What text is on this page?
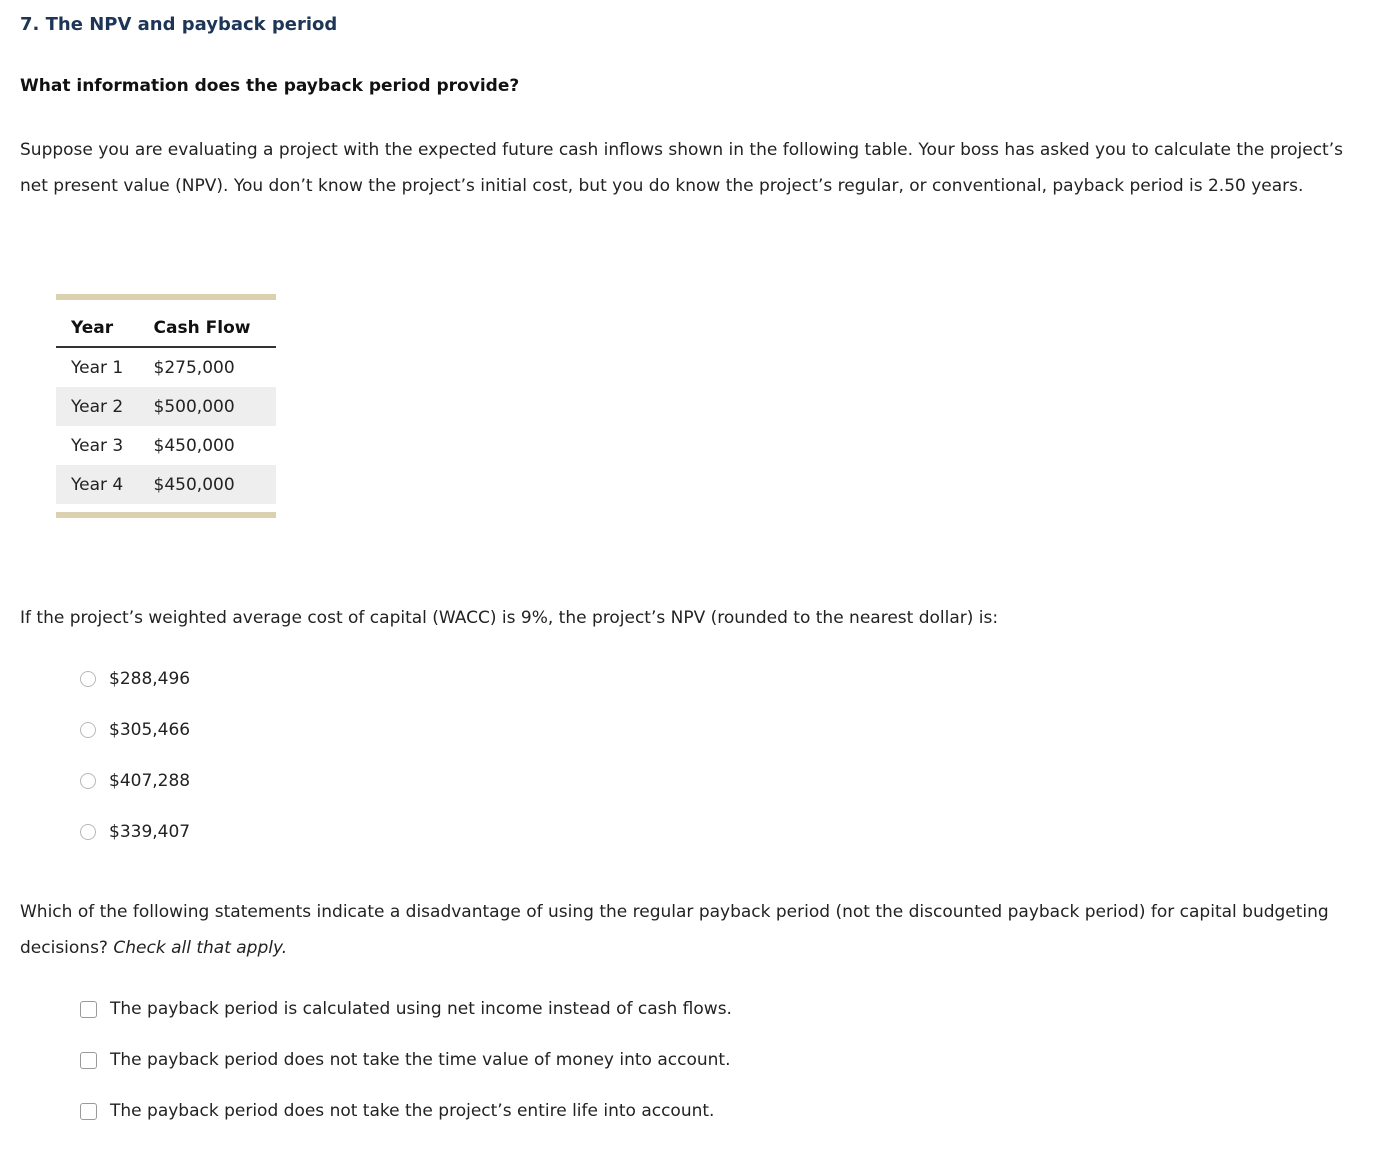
7. The NPV and payback period
What information does the payback period provide?

Suppose you are evaluating a project with the expected future cash inflows shown in the following table. Your boss has asked you to calculate the project’s net present value (NPV). You don’t know the project’s initial cost, but you do know the project’s regular, or conventional, payback period is 2.50 years.

Year	Cash Flow
Year 1	$275,000
Year 2	$500,000
Year 3	$450,000
Year 4	$450,000

If the project’s weighted average cost of capital (WACC) is 9%, the project’s NPV (rounded to the nearest dollar) is:

$288,496
$305,466
$407,288
$339,407

Which of the following statements indicate a disadvantage of using the regular payback period (not the discounted payback period) for capital budgeting decisions? Check all that apply.

The payback period is calculated using net income instead of cash flows.
The payback period does not take the time value of money into account.
The payback period does not take the project’s entire life into account.
